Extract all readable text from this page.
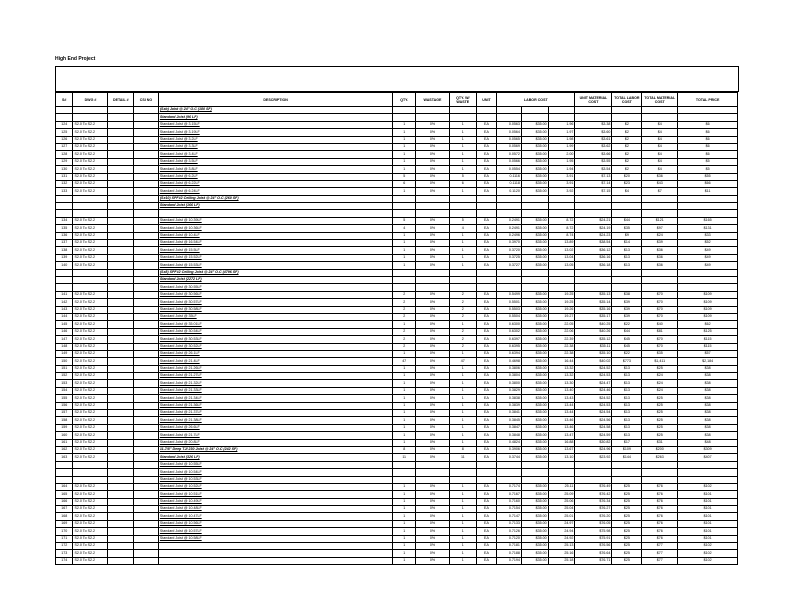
High End Project
S#	DWG #	DETAIL #	CSI NO	DESCRIPTION	QTY.	WASTAGE	QTY. W/ WASTE	UNIT	LABOR COST			UNIT MATERIAL COST	TOTAL LABOR COST	TOTAL MATERIAL COST	TOTAL PRICE
				(Sxb) Joist @ 24" O.C (180 SF)											
				Standard Joist (96 LF)											
124	S2.0 To S2.2			Standard Joist @ 3.15LF	1	0%	1	EA	0.0563	$35.00	1.96	$3.38	$2	$4	$6
125	S2.0 To S2.2			Standard Joist @ 3.19LF	1	0%	1	EA	0.0564	$35.00	1.97	$3.60	$2	$4	$6
126	S2.0 To S2.2			Standard Joist @ 3.2LF	1	0%	1	EA	0.0565	$35.00	1.98	$3.61	$2	$4	$6
127	S2.0 To S2.2			Standard Joist @ 3.3LF	1	0%	1	EA	0.0569	$35.00	1.99	$3.62	$2	$4	$6
128	S2.0 To S2.2			Standard Joist @ 3.4LF	1	0%	1	EA	0.0572	$35.00	2.00	$3.66	$2	$4	$6
129	S2.0 To S2.2			Standard Joist @ 3.5LF	1	0%	1	EA	0.0566	$35.00	1.95	$3.55	$2	$4	$5
130	S2.0 To S2.2			Standard Joist @ 3.8LF	1	0%	1	EA	0.0554	$35.00	1.94	$3.54	$2	$4	$5
131	S2.0 To S2.2			Standard Joist @ 6.2LF	5	0%	5	EA	0.1116	$35.00	3.91	$7.13	$20	$36	$55
132	S2.0 To S2.2			Standard Joist @ 6.22LF	6	0%	6	EA	0.1118	$35.00	3.91	$7.14	$23	$43	$66
133	S2.0 To S2.2			Standard Joist @ 6.24LF	1	0%	1	EA	0.1120	$35.00	3.92	$7.15	$4	$7	$11
				(Sx10) SPF#2 Ceiling Joist @ 24" O.C (260 SF)											
				Standard Joist (166 LF)											

134	S2.0 To S2.2			Standard Joist @ 10.39LF	5	0%	5	EA	0.2491	$35.00	8.72	$24.21	$44	$121	$165
135	S2.0 To S2.2			Standard Joist @ 10.36LF	4	0%	4	EA	0.2491	$35.00	8.72	$24.19	$35	$97	$131
136	S2.0 To S2.2			Standard Joist @ 10.4LF	1	0%	1	EA	0.2496	$35.00	8.74	$24.23	$9	$24	$33
137	S2.0 To S2.2			Standard Joist @ 16.54LF	1	0%	1	EA	0.3970	$35.00	13.89	$38.54	$14	$39	$52
138	S2.0 To S2.2			Standard Joist @ 15.5LF	1	0%	1	EA	0.3720	$35.00	13.02	$36.12	$13	$36	$49
139	S2.0 To S2.2			Standard Joist @ 15.52LF	1	0%	1	EA	0.3725	$35.00	13.04	$36.16	$13	$36	$49
140	S2.0 To S2.2			Standard Joist @ 15.53LF	1	0%	1	EA	0.3727	$35.00	13.05	$36.18	$13	$36	$49
				(Sx8) SPF#2 Ceiling Joist @ 24" O.C (4796 SF)											
				Standard Joist (2272 LF)											
				Standard Joist @ 30.55LF											
141	S2.0 To S2.2			Standard Joist @ 30.56LF	2	0%	2	EA	0.5499	$35.00	19.25	$35.13	$38	$70	$109
142	S2.0 To S2.2			Standard Joist @ 30.57LF	2	0%	2	EA	0.5501	$35.00	19.25	$35.14	$39	$70	$109
143	S2.0 To S2.2			Standard Joist @ 30.58LF	2	0%	2	EA	0.5503	$35.00	19.26	$35.16	$39	$70	$109
144	S2.0 To S2.2			Standard Joist @ 35LF	2	0%	2	EA	0.5504	$35.00	19.27	$35.17	$39	$70	$109
145	S2.0 To S2.2			Standard Joist @ 35.01LF	1	0%	1	EA	0.6300	$35.00	22.05	$40.25	$22	$40	$62
146	S2.0 To S2.2			Standard Joist @ 30.54LF	2	0%	2	EA	0.6302	$35.00	22.06	$40.26	$44	$81	$125
147	S2.0 To S2.2			Standard Joist @ 30.53LF	2	0%	2	EA	0.6397	$35.00	22.39	$35.12	$45	$70	$115
148	S2.0 To S2.2			Standard Joist @ 30.52LF	2	0%	2	EA	0.6395	$35.00	22.38	$35.11	$45	$70	$115
149	S2.0 To S2.2			Standard Joist @ 26.1LF	1	0%	1	EA	0.6394	$35.00	22.38	$35.10	$22	$35	$57
150	S2.0 To S2.2			Standard Joist @ 21.4LF	47	0%	47	EA	0.4698	$35.00	16.44	$40.02	$773	$1,411	$2,184
151	S2.0 To S2.2			Standard Joist @ 21.26LF	1	0%	1	EA	0.3806	$35.00	13.32	$24.52	$13	$25	$38
152	S2.0 To S2.2			Standard Joist @ 21.27LF	1	0%	1	EA	0.3804	$35.00	13.32	$24.53	$13	$24	$38
153	S2.0 To S2.2			Standard Joist @ 21.32LF	1	0%	1	EA	0.3800	$35.00	13.30	$24.47	$13	$24	$38
154	S2.0 To S2.2			Standard Joist @ 21.33LF	1	0%	1	EA	0.3829	$35.00	13.40	$24.46	$13	$24	$38
155	S2.0 To S2.2			Standard Joist @ 21.34LF	1	0%	1	EA	0.3838	$35.00	13.43	$24.52	$13	$25	$38
156	S2.0 To S2.2			Standard Joist @ 21.36LF	1	0%	1	EA	0.3839	$35.00	13.44	$24.53	$13	$25	$38
157	S2.0 To S2.2			Standard Joist @ 21.37LF	1	0%	1	EA	0.3841	$35.00	13.44	$24.54	$13	$25	$38
158	S2.0 To S2.2			Standard Joist @ 21.38LF	1	0%	1	EA	0.3845	$35.00	13.46	$24.56	$13	$25	$38
159	S2.0 To S2.2			Standard Joist @ 26.6LF	1	0%	1	EA	0.3847	$35.00	13.46	$24.58	$13	$25	$38
160	S2.0 To S2.2			Standard Joist @ 21.7LF	1	0%	1	EA	0.3848	$35.00	13.47	$24.59	$13	$25	$38
161	S2.0 To S2.2			Standard Joist @ 20.8LF	1	0%	1	EA	0.4824	$35.00	16.88	$30.82	$17	$31	$48
162	S2.0 To S2.2			11-7/8" Deep TJI 230 Joist @ 24" O.C (242 SF)	8	0%	8	EA	0.3906	$35.00	13.67	$24.96	$109	$200	$309
163	S2.0 To S2.2			Standard Joist (326 LF)	11	0%	11	EA	0.3744	$35.00	13.10	$23.92	$144	$263	$407
				Standard Joist @ 10.55LF											
				Standard Joist @ 10.54LF											
				Standard Joist @ 10.53LF											
164	S2.0 To S2.2			Standard Joist @ 10.52LF	1	0%	1	EA	0.7174	$35.00	25.11	$76.49	$25	$76	$102
165	S2.0 To S2.2			Standard Joist @ 10.51LF	1	0%	1	EA	0.7167	$35.00	25.09	$76.42	$25	$76	$101
166	S2.0 To S2.2			Standard Joist @ 10.49LF	1	0%	1	EA	0.7160	$35.00	25.06	$76.34	$25	$76	$101
167	S2.0 To S2.2			Standard Joist @ 10.48LF	1	0%	1	EA	0.7154	$35.00	25.04	$76.27	$25	$76	$101
168	S2.0 To S2.2			Standard Joist @ 10.47LF	1	0%	1	EA	0.7147	$35.00	25.01	$76.20	$25	$76	$101
169	S2.0 To S2.2			Standard Joist @ 10.56LF	1	0%	1	EA	0.7133	$35.00	24.97	$76.05	$25	$76	$101
170	S2.0 To S2.2			Standard Joist @ 10.57LF	1	0%	1	EA	0.7126	$35.00	24.94	$75.98	$25	$76	$101
171	S2.0 To S2.2			Standard Joist @ 10.58LF	1	0%	1	EA	0.7120	$35.00	24.92	$75.91	$25	$76	$101
172	S2.0 To S2.2				1	0%	1	EA	0.7181	$35.00	25.13	$76.56	$25	$77	$102
173	S2.0 To S2.2				1	0%	1	EA	0.7188	$35.00	25.16	$76.64	$25	$77	$102
174	S2.0 To S2.2				1	0%	1	EA	0.7194	$35.00	25.18	$76.71	$25	$77	$102
